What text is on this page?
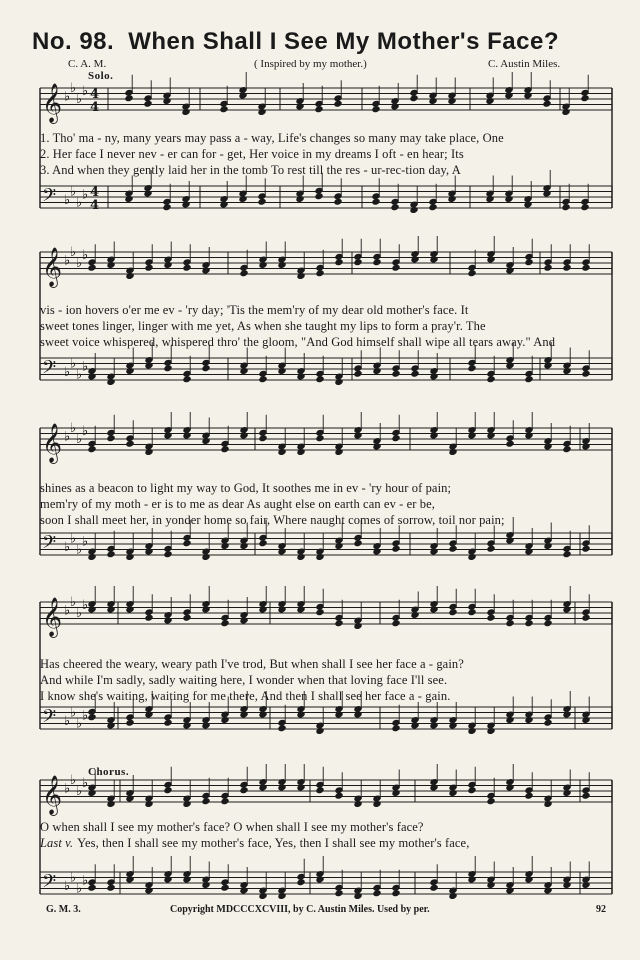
No. 98. When Shall I See My Mother's Face?
C. A. M.	( Inspired by my mother.)	C. Austin Miles.
Solo.
Chorus.
𝄞 ♭
♭
♭
♭ 4
4
𝄢 ♭
♭
♭
♭ 4
4
𝄞 ♭
♭
♭
♭
𝄢 ♭
♭
♭
♭
𝄞 ♭
♭
♭
♭
𝄢 ♭
♭
♭
♭
𝄞 ♭
♭
♭
♭
𝄢 ♭
♭
♭
♭
𝄞 ♭
♭
♭
♭
𝄢 ♭
♭
♭
♭
1. Tho' ma - ny, many years may pass a - way, Life's changes so many may take place, One
2. Her face I never nev - er can for - get, Her voice in my dreams I oft - en hear; Its
3. And when they gently laid her in the tomb To rest till the res - ur-rec-tion day, A
vis - ion hovers o'er me ev - 'ry day; 'Tis the mem'ry of my dear old mother's face. It
sweet tones linger, linger with me yet, As when she taught my lips to form a pray'r. The
sweet voice whispered, whispered thro' the gloom, "And God himself shall wipe all tears away." And
shines as a beacon to light my way to God, It soothes me in ev - 'ry hour of pain;
mem'ry of my moth - er is to me as dear As aught else on earth can ev - er be,
soon I shall meet her, in yonder home so fair, Where naught comes of sorrow, toil nor pain;
Has cheered the weary, weary path I've trod, But when shall I see her face a - gain?
And while I'm sadly, sadly waiting here, I wonder when that loving face I'll see.
I know she's waiting, waiting for me there, And then I shall see her face a - gain.
O when shall I see my mother's face? O when shall I see my mother's face?
Last v. Yes, then I shall see my mother's face, Yes, then I shall see my mother's face,
G. M. 3.	Copyright MDCCCXCVIII, by C. Austin Miles. Used by per.	92
